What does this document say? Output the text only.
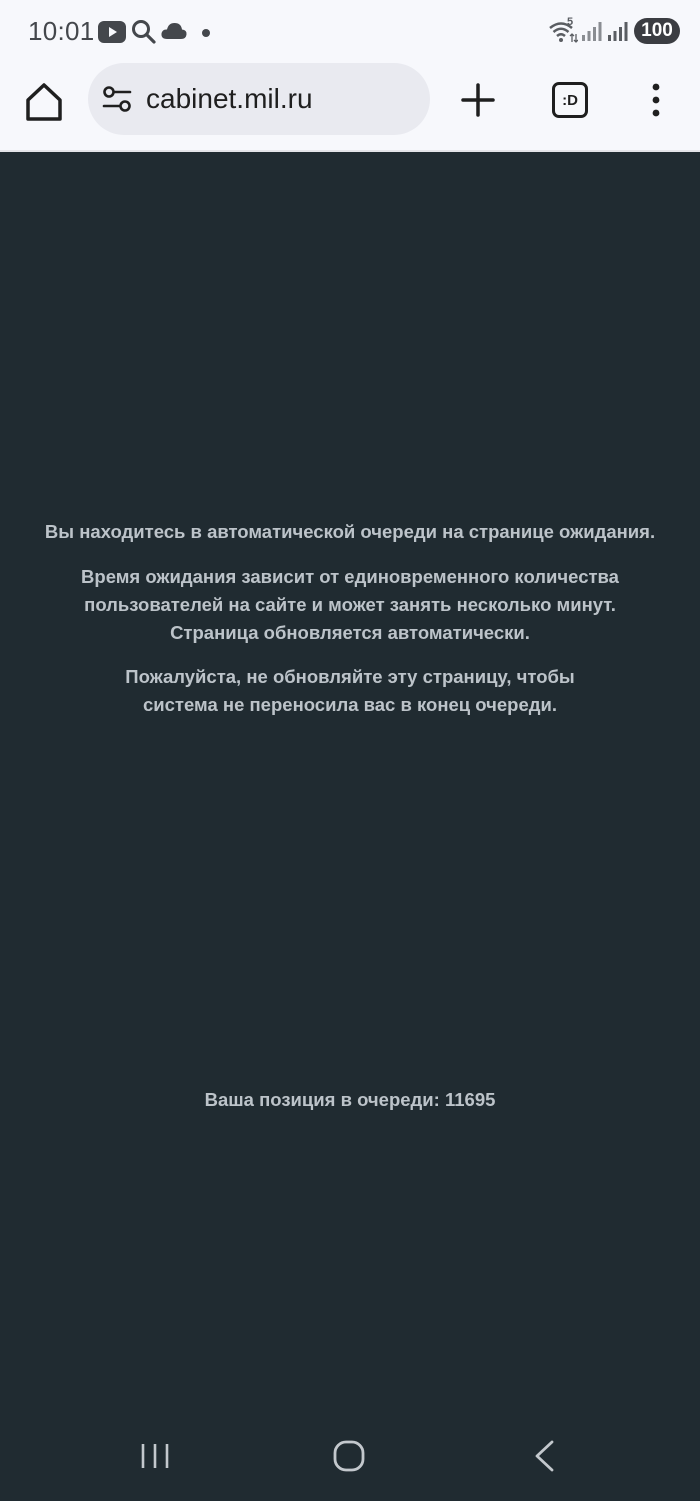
10:01	5	100
cabinet.mil.ru	:D

Вы находитесь в автоматической очереди на странице ожидания.

Время ожидания зависит от единовременного количества
пользователей на сайте и может занять несколько минут.
Страница обновляется автоматически.

Пожалуйста, не обновляйте эту страницу, чтобы
система не переносила вас в конец очереди.

Ваша позиция в очереди: 11695
